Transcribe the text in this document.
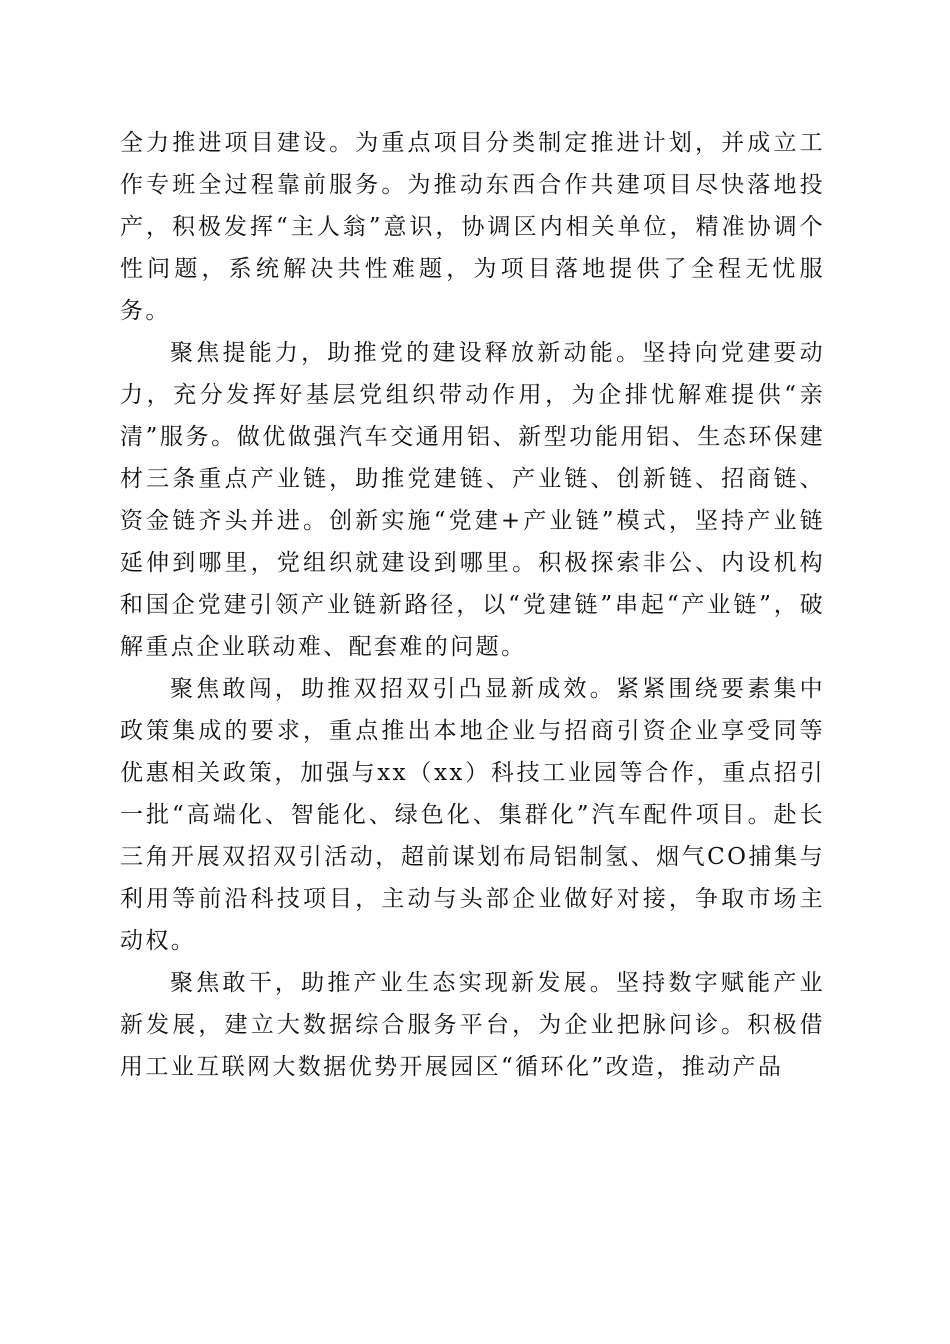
全力推进项目建设。为重点项目分类制定推进计划，并成立工作专班全过程靠前服务。为推动东西合作共建项目尽快落地投产，积极发挥“主人翁”意识，协调区内相关单位，精准协调个性问题，系统解决共性难题，为项目落地提供了全程无忧服务。

聚焦提能力，助推党的建设释放新动能。坚持向党建要动力，充分发挥好基层党组织带动作用，为企排忧解难提供“亲清”服务。做优做强汽车交通用铝、新型功能用铝、生态环保建材三条重点产业链，助推党建链、产业链、创新链、招商链、资金链齐头并进。创新实施“党建+产业链”模式，坚持产业链延伸到哪里，党组织就建设到哪里。积极探索非公、内设机构和国企党建引领产业链新路径，以“党建链”串起“产业链”，破解重点企业联动难、配套难的问题。

聚焦敢闯，助推双招双引凸显新成效。紧紧围绕要素集中政策集成的要求，重点推出本地企业与招商引资企业享受同等优惠相关政策，加强与xx（xx）科技工业园等合作，重点招引一批“高端化、智能化、绿色化、集群化”汽车配件项目。赴长三角开展双招双引活动，超前谋划布局铝制氢、烟气CO捕集与利用等前沿科技项目，主动与头部企业做好对接，争取市场主动权。

聚焦敢干，助推产业生态实现新发展。坚持数字赋能产业新发展，建立大数据综合服务平台，为企业把脉问诊。积极借用工业互联网大数据优势开展园区“循环化”改造，推动产品
